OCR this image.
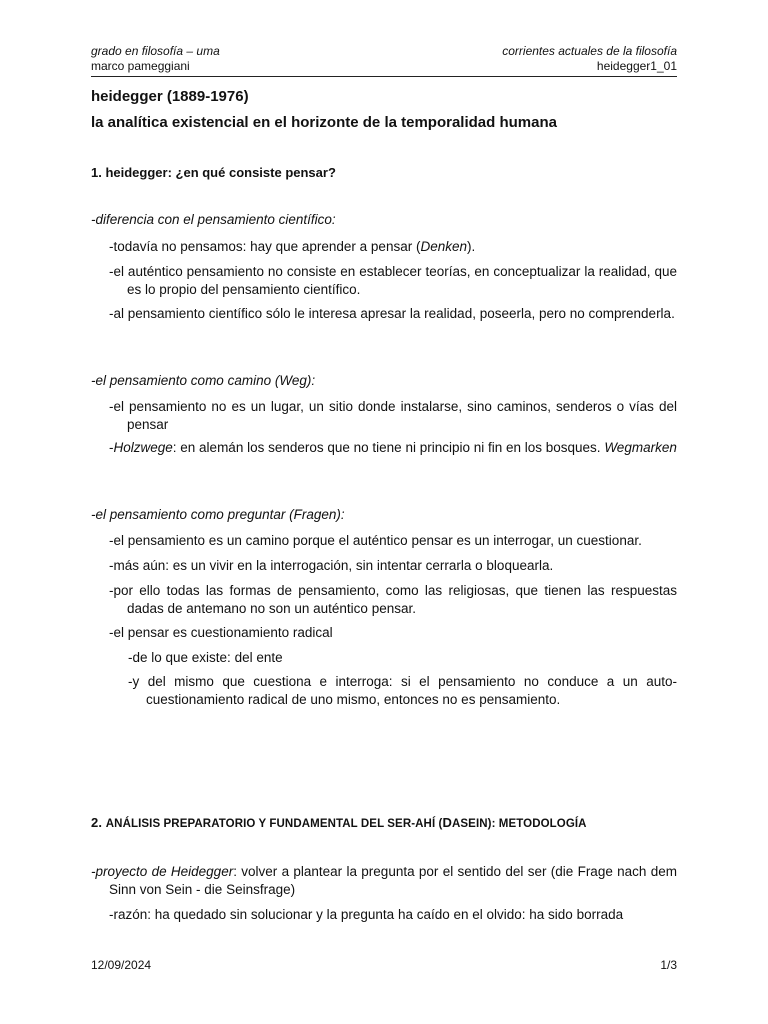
grado en filosofía – uma	corrientes actuales de la filosofía
marco pameggiani	heidegger1_01
heidegger (1889-1976)
la analítica existencial en el horizonte de la temporalidad humana
1. heidegger: ¿en qué consiste pensar?
-diferencia con el pensamiento científico:
-todavía no pensamos: hay que aprender a pensar (Denken).
-el auténtico pensamiento no consiste en establecer teorías, en conceptualizar la realidad, que es lo propio del pensamiento científico.
-al pensamiento científico sólo le interesa apresar la realidad, poseerla, pero no comprenderla.
-el pensamiento como camino (Weg):
-el pensamiento no es un lugar, un sitio donde instalarse, sino caminos, senderos o vías del pensar
-Holzwege: en alemán los senderos que no tiene ni principio ni fin en los bosques. Wegmarken
-el pensamiento como preguntar (Fragen):
-el pensamiento es un camino porque el auténtico pensar es un interrogar, un cuestionar.
-más aún: es un vivir en la interrogación, sin intentar cerrarla o bloquearla.
-por ello todas las formas de pensamiento, como las religiosas, que tienen las respuestas dadas de antemano no son un auténtico pensar.
-el pensar es cuestionamiento radical
-de lo que existe: del ente
-y del mismo que cuestiona e interroga: si el pensamiento no conduce a un auto-cuestionamiento radical de uno mismo, entonces no es pensamiento.
2. ANÁLISIS PREPARATORIO Y FUNDAMENTAL DEL SER-AHÍ (DASEIN): METODOLOGÍA
-proyecto de Heidegger: volver a plantear la pregunta por el sentido del ser (die Frage nach dem Sinn von Sein - die Seinsfrage)
-razón: ha quedado sin solucionar y la pregunta ha caído en el olvido: ha sido borrada
12/09/2024	1/3
